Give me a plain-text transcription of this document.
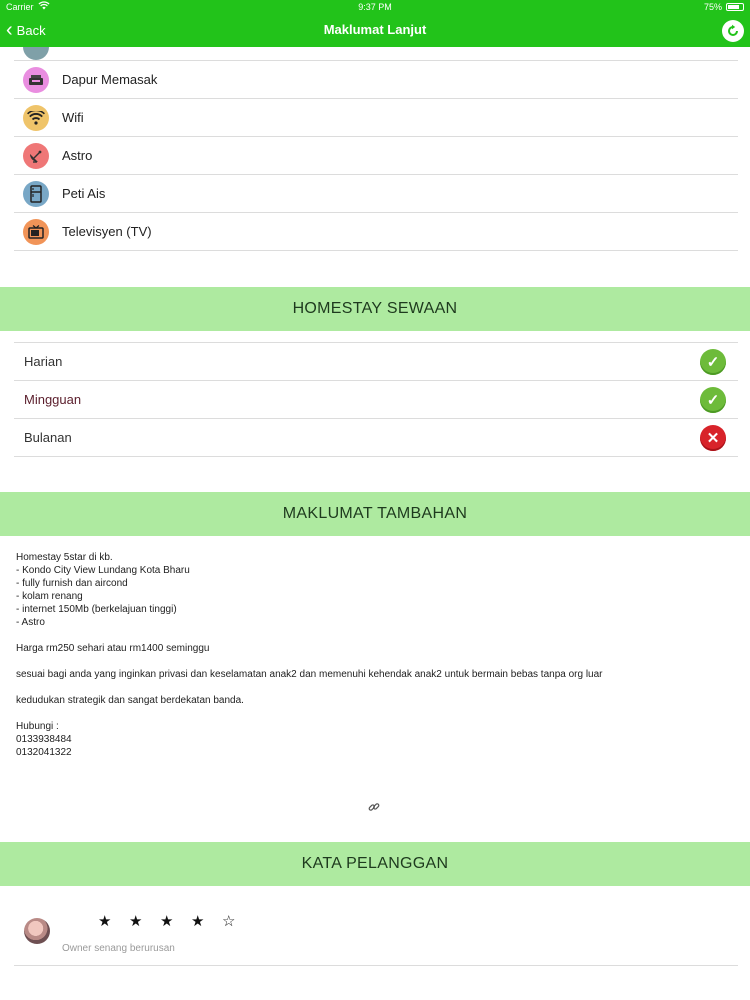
Carrier	9:37 PM	75%
‹ Back	Maklumat Lanjut
Dapur Memasak
Wifi
Astro
Peti Ais
Televisyen (TV)
HOMESTAY SEWAAN
Harian	✓
Mingguan	✓
Bulanan	✕
MAKLUMAT TAMBAHAN

Homestay 5star di kb.

- Kondo City View Lundang Kota Bharu

- fully furnish dan aircond

- kolam renang

- internet 150Mb (berkelajuan tinggi)

- Astro

Harga rm250 sehari atau rm1400 seminggu

sesuai bagi anda yang inginkan privasi dan keselamatan anak2 dan memenuhi kehendak anak2 untuk bermain bebas tanpa org luar

kedudukan strategik dan sangat berdekatan banda.

Hubungi :

0133938484

0132041322

KATA PELANGGAN
★ ★ ★ ★ ☆
Owner senang berurusan
